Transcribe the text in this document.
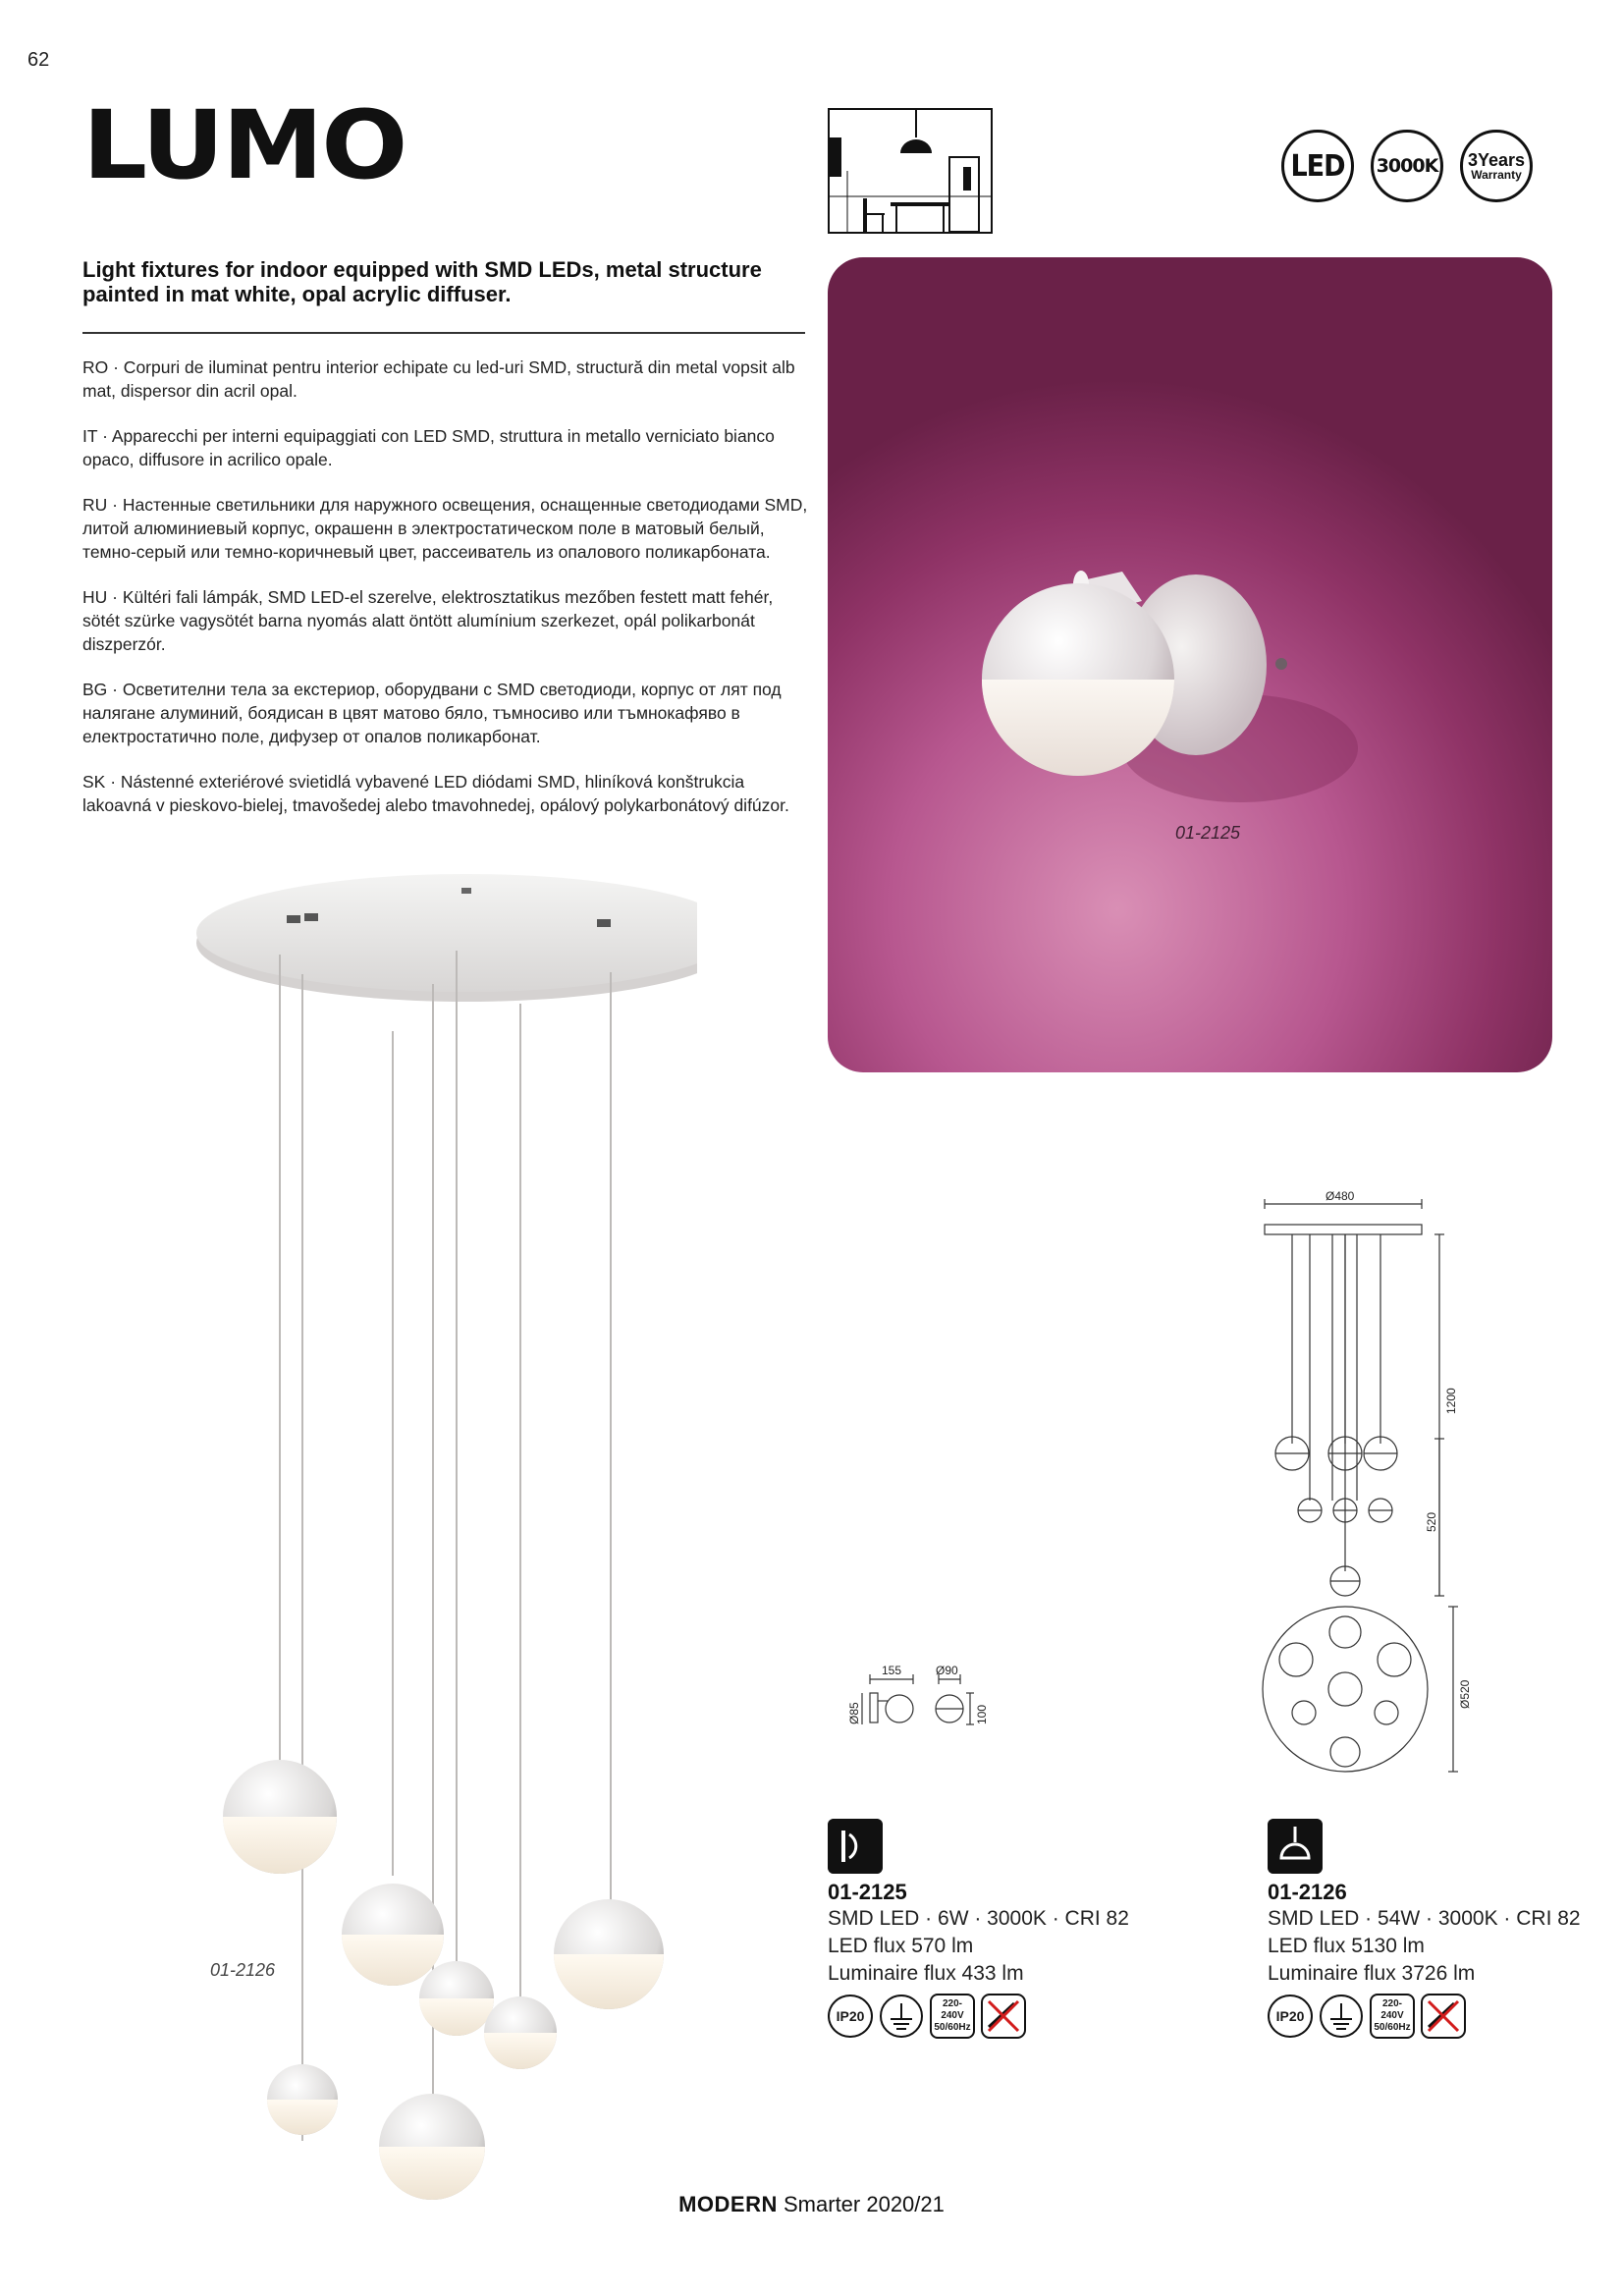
62
LUMO	LED 3000K 3Years
Warranty
Light fixtures for indoor equipped with SMD LEDs, metal structure painted in mat white, opal acrylic diffuser.

RO · Corpuri de iluminat pentru interior echipate cu led-uri SMD, structură din metal vopsit alb mat, dispersor din acril opal.

IT · Apparecchi per interni equipaggiati con LED SMD, struttura in metallo verniciato bianco opaco, diffusore in acrilico opale.

RU · Настенные светильники для наружного освещения, оснащенные светодиодами SMD, литой алюминиевый корпус, окрашенн в электростатическом поле в матовый белый, темно-серый или темно-коричневый цвет, рассеиватель из опалового поликарбоната.

HU · Kültéri fali lámpák, SMD LED-el szerelve, elektrosztatikus mezőben festett matt fehér, sötét szürke vagysötét barna nyomás alatt öntött alumínium szerkezet, opál polikarbonát diszperzór.

BG · Осветителни тела за екстериор, оборудвани с SMD светодиоди, корпус от лят под налягане алуминий, боядисан в цвят матово бяло, тъмносиво или тъмнокафяво в електростатично поле, дифузер от опалов поликарбонат.

SK · Nástenné exteriérové svietidlá vybavené LED diódami SMD, hliníková konštrukcia lakoavná v pieskovo-bielej, tmavošedej alebo tmavohnedej, opálový polykarbonátový difúzor.

01-2125
01-2126
Ø480
1200
520
Ø520
155
Ø85
Ø90
100
01-2125
SMD LED · 6W · 3000K · CRI 82
LED flux 570 lm
Luminaire flux 433 lm
IP20
220-240V
50/60Hz
01-2126
SMD LED · 54W · 3000K · CRI 82
LED flux 5130 lm
Luminaire flux 3726 lm
IP20
220-240V
50/60Hz
MODERN Smarter 2020/21
